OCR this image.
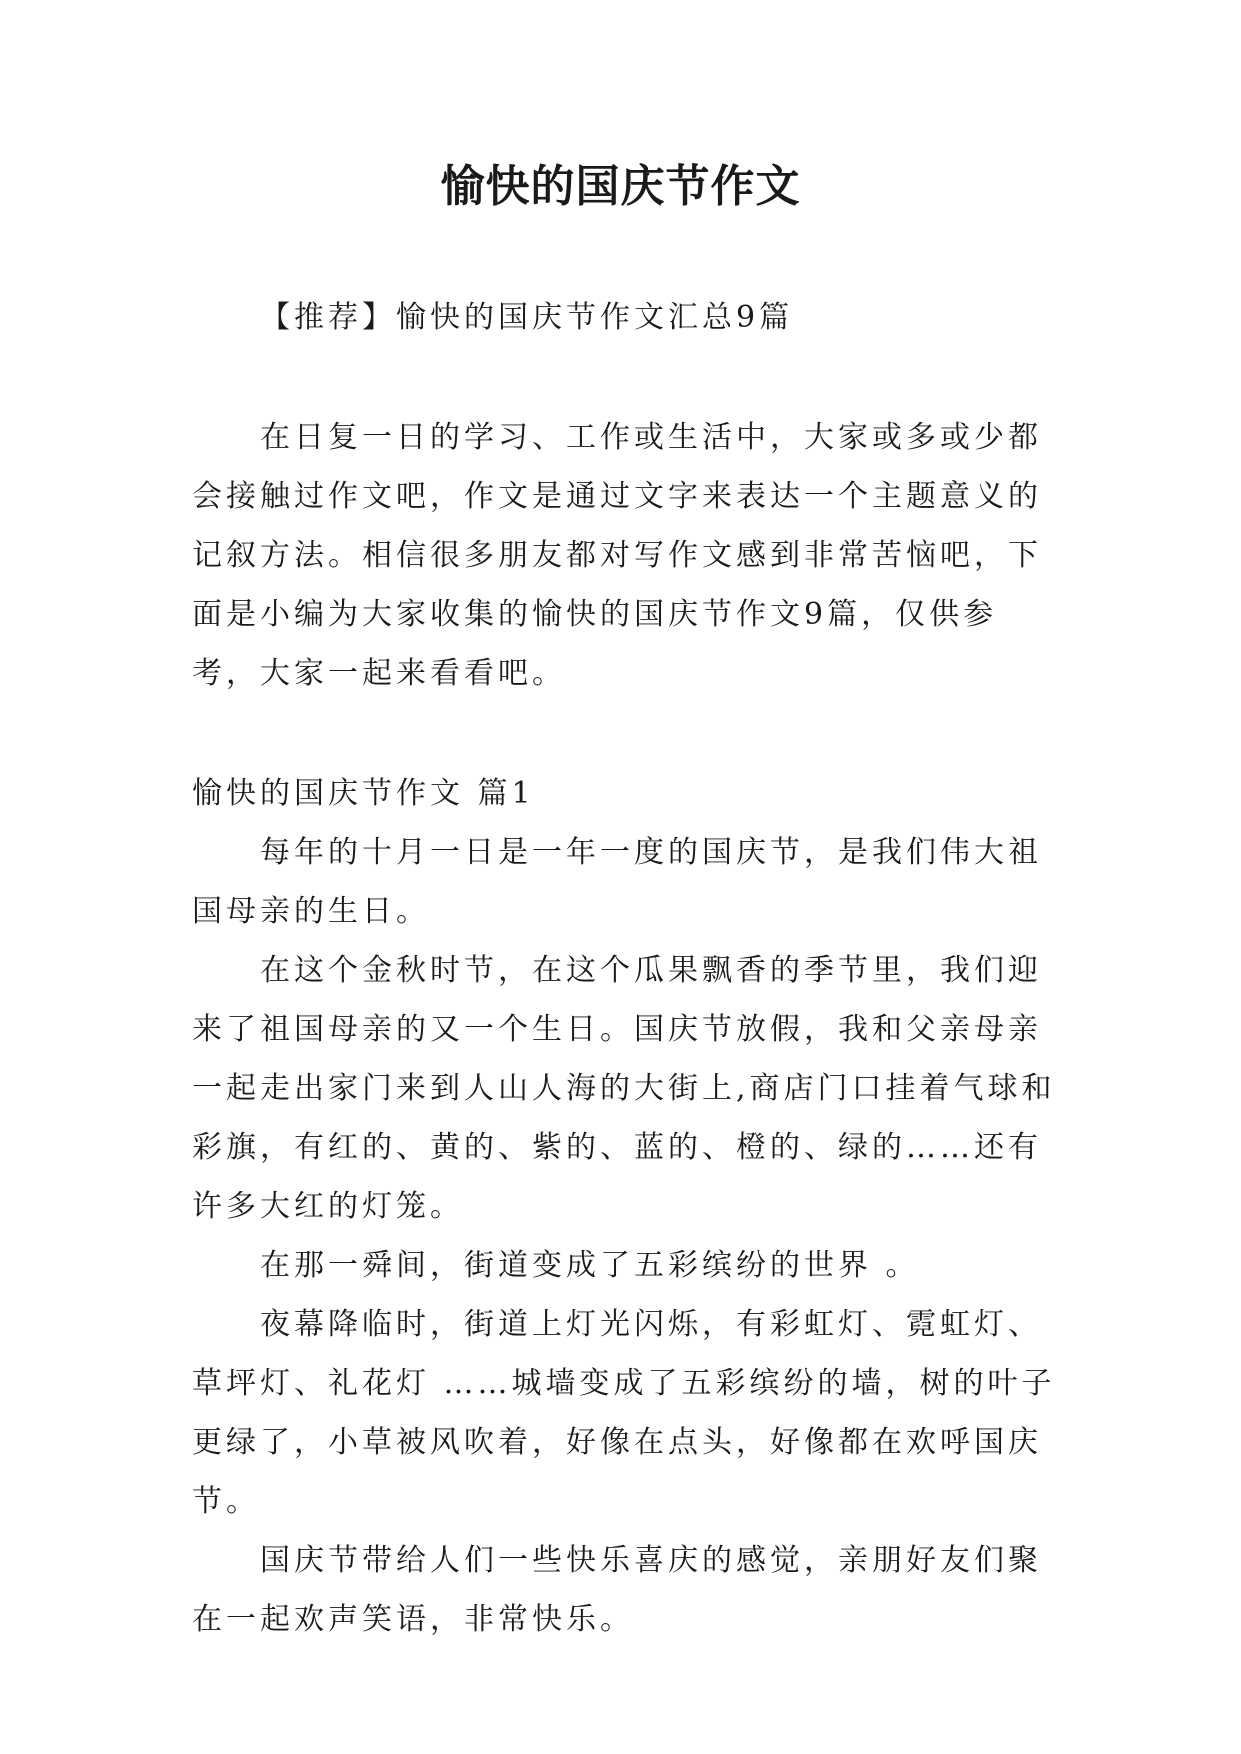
愉快的国庆节作文

【推荐】愉快的国庆节作文汇总9篇

在日复一日的学习、工作或生活中，大家或多或少都会接触过作文吧，作文是通过文字来表达一个主题意义的记叙方法。相信很多朋友都对写作文感到非常苦恼吧，下面是小编为大家收集的愉快的国庆节作文9篇，仅供参考，大家一起来看看吧。

愉快的国庆节作文 篇1

每年的十月一日是一年一度的国庆节，是我们伟大祖国母亲的生日。

在这个金秋时节，在这个瓜果飘香的季节里，我们迎来了祖国母亲的又一个生日。国庆节放假，我和父亲母亲一起走出家门来到人山人海的大街上,商店门口挂着气球和彩旗，有红的、黄的、紫的、蓝的、橙的、绿的……还有许多大红的灯笼。

在那一舜间，街道变成了五彩缤纷的世界 。

夜幕降临时，街道上灯光闪烁，有彩虹灯、霓虹灯、草坪灯、礼花灯 ……城墙变成了五彩缤纷的墙，树的叶子更绿了，小草被风吹着，好像在点头，好像都在欢呼国庆节。

国庆节带给人们一些快乐喜庆的感觉，亲朋好友们聚在一起欢声笑语，非常快乐。
